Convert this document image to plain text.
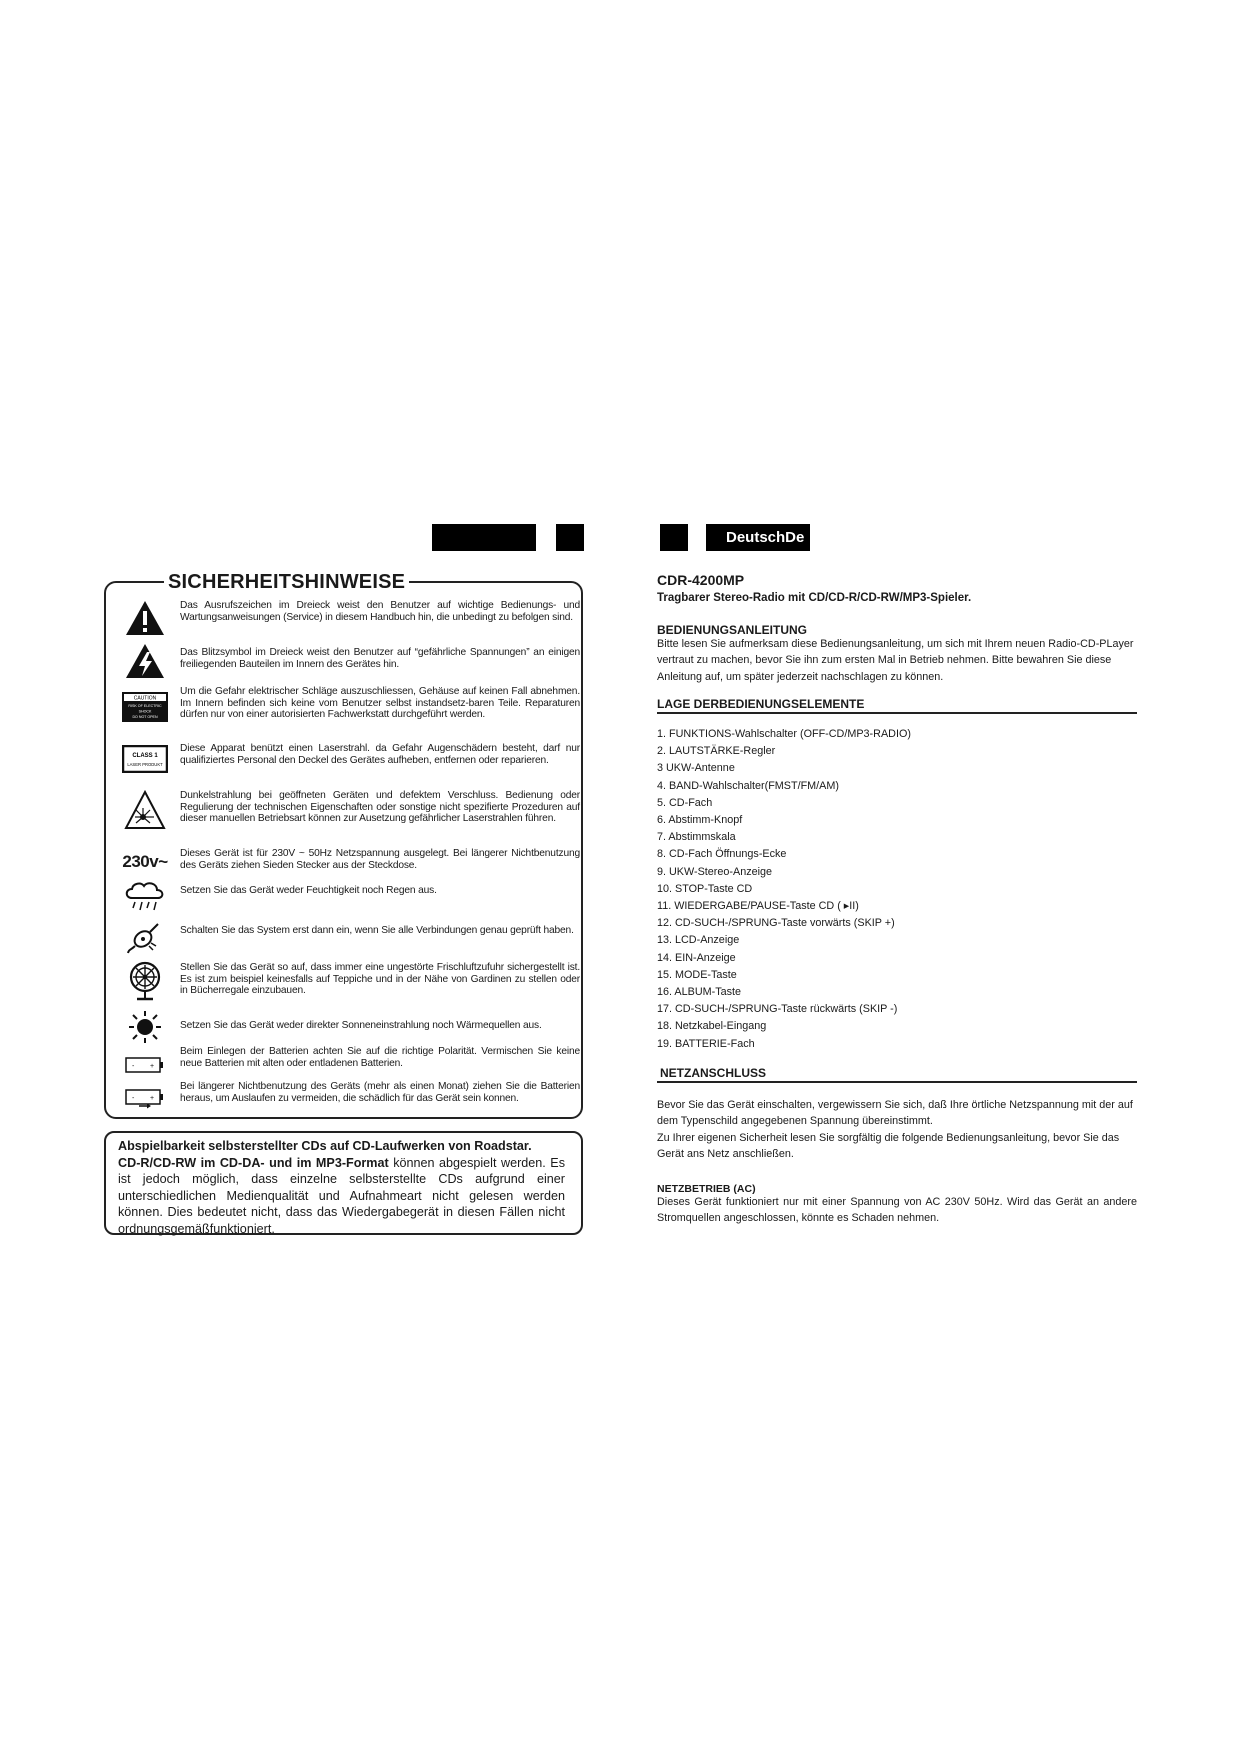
DeutschDe
SICHERHEITSHINWEISE
Das Ausrufszeichen im Dreieck weist den Benutzer auf wichtige Bedienungs- und Wartungsanweisungen (Service) in diesem Handbuch hin, die unbedingt zu befolgen sind.
Das Blitzsymbol im Dreieck weist den Benutzer auf “gefährliche Spannungen” an einigen freiliegenden Bauteilen im Innern des Gerätes hin.
CAUTION
RISK OF ELECTRIC
SHOCK
DO NOT OPEN
Um die Gefahr elektrischer Schläge auszuschliessen, Gehäuse auf keinen Fall abnehmen. Im Innern befinden sich keine vom Benutzer selbst instandsetz-baren Teile. Reparaturen dürfen nur von einer autorisierten Fachwerkstatt durchgeführt werden.
CLASS 1
LASER PRODUKT
Diese Apparat benützt einen Laserstrahl. da Gefahr Augenschädern besteht, darf nur qualifiziertes Personal den Deckel des Gerätes aufheben, entfernen oder reparieren.
Dunkelstrahlung bei geöffneten Geräten und defektem Verschluss. Bedienung oder Regulierung der technischen Eigenschaften oder sonstige nicht spezifierte Prozeduren auf dieser manuellen Betriebsart können zur Ausetzung gefährlicher Laserstrahlen führen.
230v~ Dieses Gerät ist für 230V ~ 50Hz Netzspannung ausgelegt. Bei längerer Nichtbenutzung des Geräts ziehen Sieden Stecker aus der Steckdose.
Setzen Sie das Gerät weder Feuchtigkeit noch Regen aus.
Schalten Sie das System erst dann ein, wenn Sie alle Verbindungen genau geprüft haben.
Stellen Sie das Gerät so auf, dass immer eine ungestörte Frischluftzufuhr sichergestellt ist. Es ist zum beispiel keinesfalls auf Teppiche und in der Nähe von Gardinen zu stellen oder in Bücherregale einzubauen.
Setzen Sie das Gerät weder direkter Sonneneinstrahlung noch Wärmequellen aus.
- +
Beim Einlegen der Batterien achten Sie auf die richtige Polarität. Vermischen Sie keine neue Batterien mit alten oder entladenen Batterien.
- +
Bei längerer Nichtbenutzung des Geräts (mehr als einen Monat) ziehen Sie die Batterien heraus, um Auslaufen zu vermeiden, die schädlich für das Gerät sein konnen.
Abspielbarkeit selbsterstellter CDs auf CD-Laufwerken von Roadstar.
CD-R/CD-RW im CD-DA- und im MP3-Format können abgespielt werden. Es ist jedoch möglich, dass einzelne selbsterstellte CDs aufgrund einer unterschiedlichen Medienqualität und Aufnahmeart nicht gelesen werden können. Dies bedeutet nicht, dass das Wiedergabegerät in diesen Fällen nicht ordnungsgemäßfunktioniert.
CDR-4200MP
Tragbarer Stereo-Radio mit CD/CD-R/CD-RW/MP3-Spieler.
BEDIENUNGSANLEITUNG
Bitte lesen Sie aufmerksam diese Bedienungsanleitung, um sich mit Ihrem neuen Radio-CD-PLayer vertraut zu machen, bevor Sie ihn zum ersten Mal in Betrieb nehmen. Bitte bewahren Sie diese Anleitung auf, um später jederzeit nachschlagen zu können.
LAGE DERBEDIENUNGSELEMENTE
1. FUNKTIONS-Wahlschalter (OFF-CD/MP3-RADIO)
2. LAUTSTÄRKE-Regler
3 UKW-Antenne
4. BAND-Wahlschalter(FMST/FM/AM)
5. CD-Fach
6. Abstimm-Knopf
7. Abstimmskala
8. CD-Fach Öffnungs-Ecke
9. UKW-Stereo-Anzeige
10. STOP-Taste CD
11. WIEDERGABE/PAUSE-Taste CD ( ▸II)
12. CD-SUCH-/SPRUNG-Taste vorwärts (SKIP +)
13. LCD-Anzeige
14. EIN-Anzeige
15. MODE-Taste
16. ALBUM-Taste
17. CD-SUCH-/SPRUNG-Taste rückwärts (SKIP -)
18. Netzkabel-Eingang
19. BATTERIE-Fach
NETZANSCHLUSS
Bevor Sie das Gerät einschalten, vergewissern Sie sich, daß Ihre örtliche Netzspannung mit der auf dem Typenschild angegebenen Spannung übereinstimmt.
Zu Ihrer eigenen Sicherheit lesen Sie sorgfältig die folgende Bedienungsanleitung, bevor Sie das Gerät ans Netz anschließen.
NETZBETRIEB (AC)
Dieses Gerät funktioniert nur mit einer Spannung von AC 230V 50Hz. Wird das Gerät an andere Stromquellen angeschlossen, könnte es Schaden nehmen.
